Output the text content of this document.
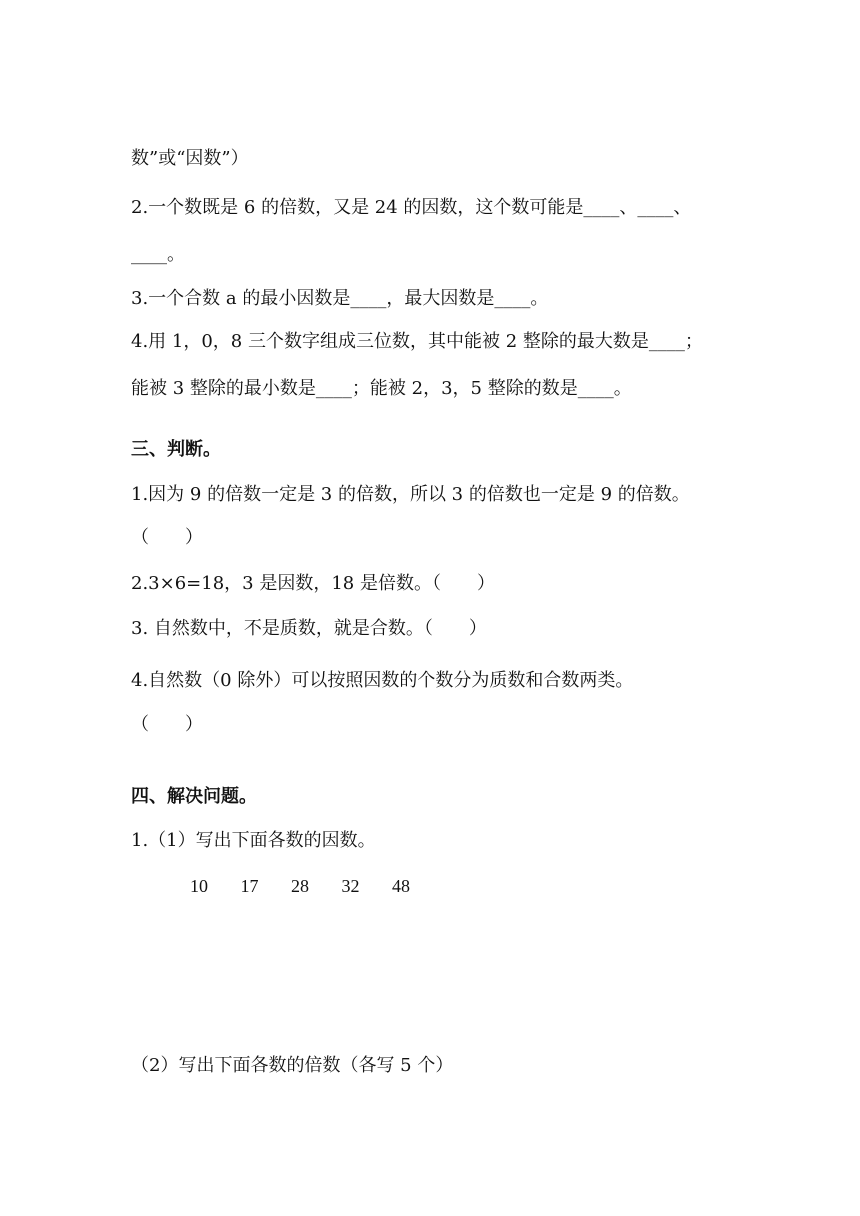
数”或“因数”）
2.一个数既是 6 的倍数，又是 24 的因数，这个数可能是____、____、
____。
3.一个合数 a 的最小因数是____，最大因数是____。
4.用 1，0，8 三个数字组成三位数，其中能被 2 整除的最大数是____；
能被 3 整除的最小数是____；能被 2，3，5 整除的数是____。
三、判断。
1.因为 9 的倍数一定是 3 的倍数，所以 3 的倍数也一定是 9 的倍数。
（　　）
2.3×6=18，3 是因数，18 是倍数。（　　）
3. 自然数中，不是质数，就是合数。（　　）
4.自然数（0 除外）可以按照因数的个数分为质数和合数两类。
（　　）
四、解决问题。
1.（1）写出下面各数的因数。
10 17 28 32 48
（2）写出下面各数的倍数（各写 5 个）
